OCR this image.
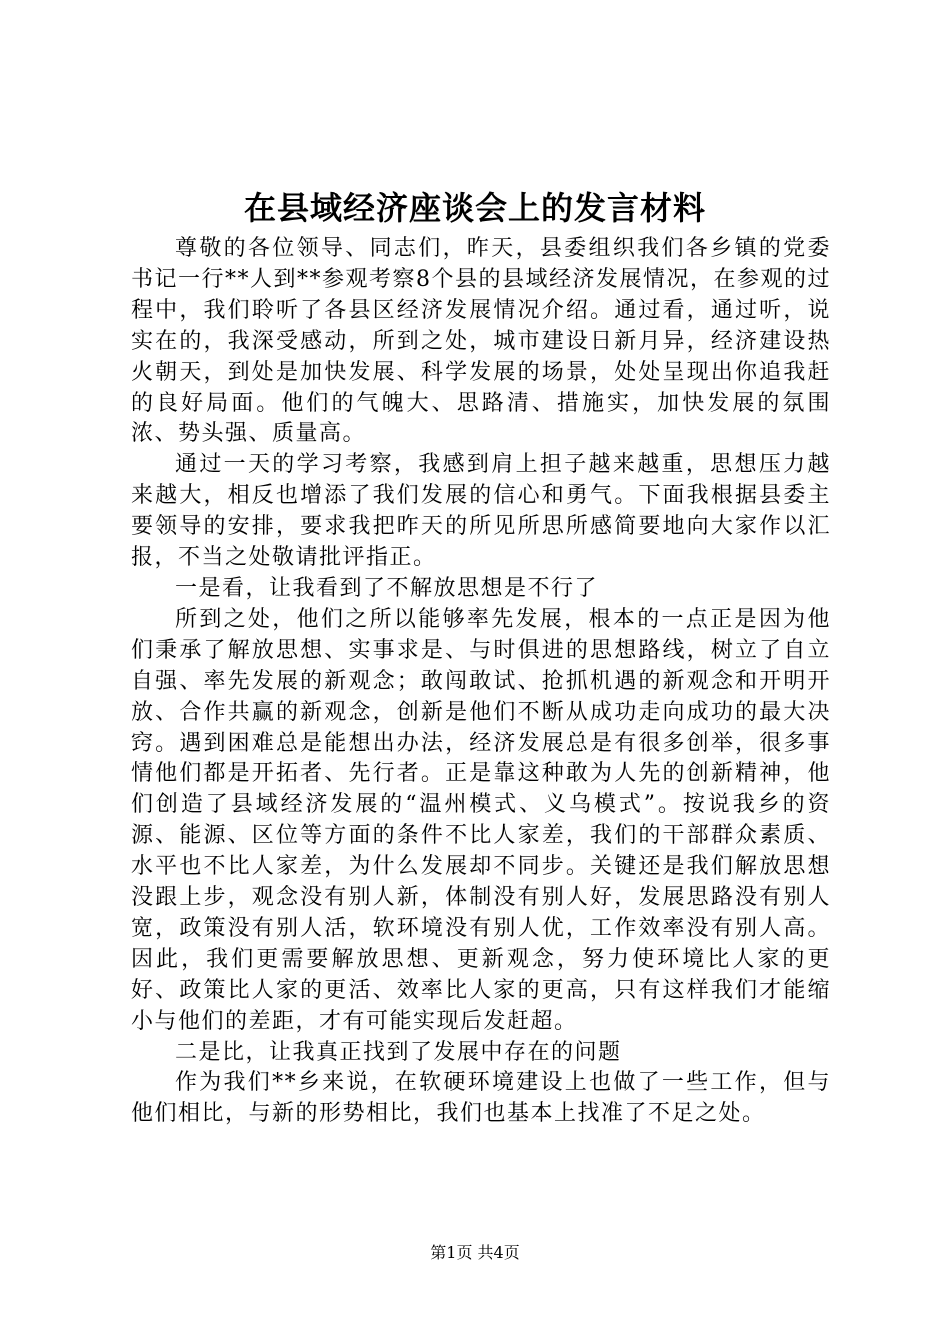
在县域经济座谈会上的发言材料

尊敬的各位领导、同志们，昨天，县委组织我们各乡镇的党委书记一行**人到**参观考察8个县的县域经济发展情况，在参观的过程中，我们聆听了各县区经济发展情况介绍。通过看，通过听，说实在的，我深受感动，所到之处，城市建设日新月异，经济建设热火朝天，到处是加快发展、科学发展的场景，处处呈现出你追我赶的良好局面。他们的气魄大、思路清、措施实，加快发展的氛围浓、势头强、质量高。

通过一天的学习考察，我感到肩上担子越来越重，思想压力越来越大，相反也增添了我们发展的信心和勇气。下面我根据县委主要领导的安排，要求我把昨天的所见所思所感简要地向大家作以汇报，不当之处敬请批评指正。

一是看，让我看到了不解放思想是不行了

所到之处，他们之所以能够率先发展，根本的一点正是因为他们秉承了解放思想、实事求是、与时俱进的思想路线，树立了自立自强、率先发展的新观念；敢闯敢试、抢抓机遇的新观念和开明开放、合作共赢的新观念，创新是他们不断从成功走向成功的最大决窍。遇到困难总是能想出办法，经济发展总是有很多创举，很多事情他们都是开拓者、先行者。正是靠这种敢为人先的创新精神，他们创造了县域经济发展的“温州模式、义乌模式”。按说我乡的资源、能源、区位等方面的条件不比人家差，我们的干部群众素质、水平也不比人家差，为什么发展却不同步。关键还是我们解放思想没跟上步，观念没有别人新，体制没有别人好，发展思路没有别人宽，政策没有别人活，软环境没有别人优，工作效率没有别人高。因此，我们更需要解放思想、更新观念，努力使环境比人家的更好、政策比人家的更活、效率比人家的更高，只有这样我们才能缩小与他们的差距，才有可能实现后发赶超。

二是比，让我真正找到了发展中存在的问题

作为我们**乡来说，在软硬环境建设上也做了一些工作，但与他们相比，与新的形势相比，我们也基本上找准了不足之处。

第1页 共4页
